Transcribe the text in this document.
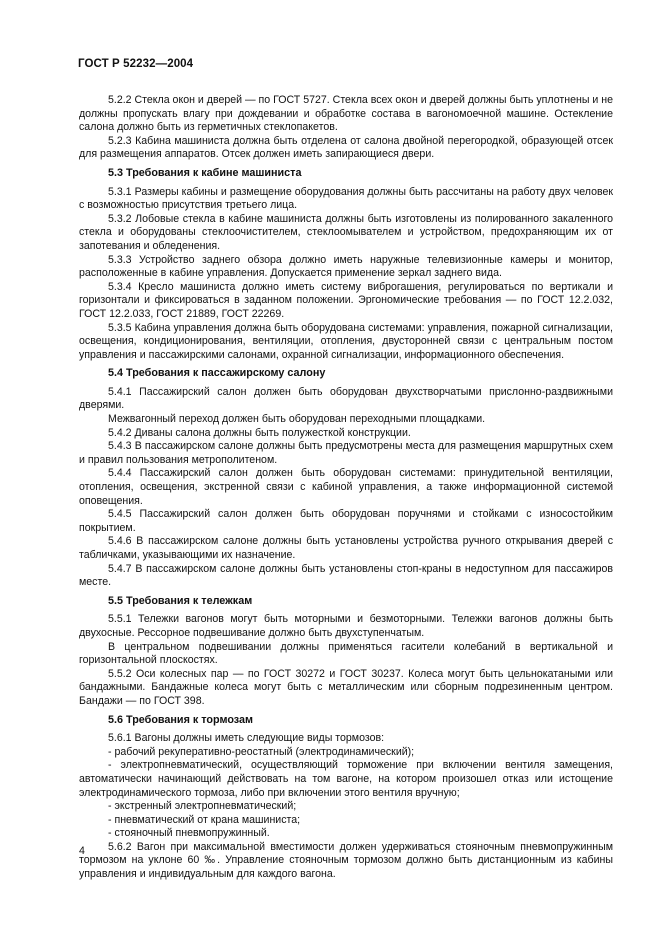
ГОСТ Р 52232—2004

5.2.2 Стекла окон и дверей — по ГОСТ 5727. Стекла всех окон и дверей должны быть уплотнены и не должны пропускать влагу при дождевании и обработке состава в вагономоечной машине. Остекление салона должно быть из герметичных стеклопакетов.

5.2.3 Кабина машиниста должна быть отделена от салона двойной перегородкой, образующей отсек для размещения аппаратов. Отсек должен иметь запирающиеся двери.

5.3 Требования к кабине машиниста

5.3.1 Размеры кабины и размещение оборудования должны быть рассчитаны на работу двух человек с возможностью присутствия третьего лица.

5.3.2 Лобовые стекла в кабине машиниста должны быть изготовлены из полированного закаленного стекла и оборудованы стеклоочистителем, стеклоомывателем и устройством, предохраняющим их от запотевания и обледенения.

5.3.3 Устройство заднего обзора должно иметь наружные телевизионные камеры и монитор, расположенные в кабине управления. Допускается применение зеркал заднего вида.

5.3.4 Кресло машиниста должно иметь систему виброгашения, регулироваться по вертикали и горизонтали и фиксироваться в заданном положении. Эргономические требования — по ГОСТ 12.2.032, ГОСТ 12.2.033, ГОСТ 21889, ГОСТ 22269.

5.3.5 Кабина управления должна быть оборудована системами: управления, пожарной сигнализации, освещения, кондиционирования, вентиляции, отопления, двусторонней связи с центральным постом управления и пассажирскими салонами, охранной сигнализации, информационного обеспечения.

5.4 Требования к пассажирскому салону

5.4.1 Пассажирский салон должен быть оборудован двухстворчатыми прислонно-раздвижными дверями.

Межвагонный переход должен быть оборудован переходными площадками.

5.4.2 Диваны салона должны быть полужесткой конструкции.

5.4.3 В пассажирском салоне должны быть предусмотрены места для размещения маршрутных схем и правил пользования метрополитеном.

5.4.4 Пассажирский салон должен быть оборудован системами: принудительной вентиляции, отопления, освещения, экстренной связи с кабиной управления, а также информационной системой оповещения.

5.4.5 Пассажирский салон должен быть оборудован поручнями и стойками с износостойким покрытием.

5.4.6 В пассажирском салоне должны быть установлены устройства ручного открывания дверей с табличками, указывающими их назначение.

5.4.7 В пассажирском салоне должны быть установлены стоп-краны в недоступном для пассажиров месте.

5.5 Требования к тележкам

5.5.1 Тележки вагонов могут быть моторными и безмоторными. Тележки вагонов должны быть двухосные. Рессорное подвешивание должно быть двухступенчатым.

В центральном подвешивании должны применяться гасители колебаний в вертикальной и горизонтальной плоскостях.

5.5.2 Оси колесных пар — по ГОСТ 30272 и ГОСТ 30237. Колеса могут быть цельнокатаными или бандажными. Бандажные колеса могут быть с металлическим или сборным подрезиненным центром. Бандажи — по ГОСТ 398.

5.6 Требования к тормозам

5.6.1 Вагоны должны иметь следующие виды тормозов:

- рабочий рекуперативно-реостатный (электродинамический);

- электропневматический, осуществляющий торможение при включении вентиля замещения, автоматически начинающий действовать на том вагоне, на котором произошел отказ или истощение электродинамического тормоза, либо при включении этого вентиля вручную;

- экстренный электропневматический;

- пневматический от крана машиниста;

- стояночный пневмопружинный.

5.6.2 Вагон при максимальной вместимости должен удерживаться стояночным пневмопружинным тормозом на уклоне 60 ‰. Управление стояночным тормозом должно быть дистанционным из кабины управления и индивидуальным для каждого вагона.

4
